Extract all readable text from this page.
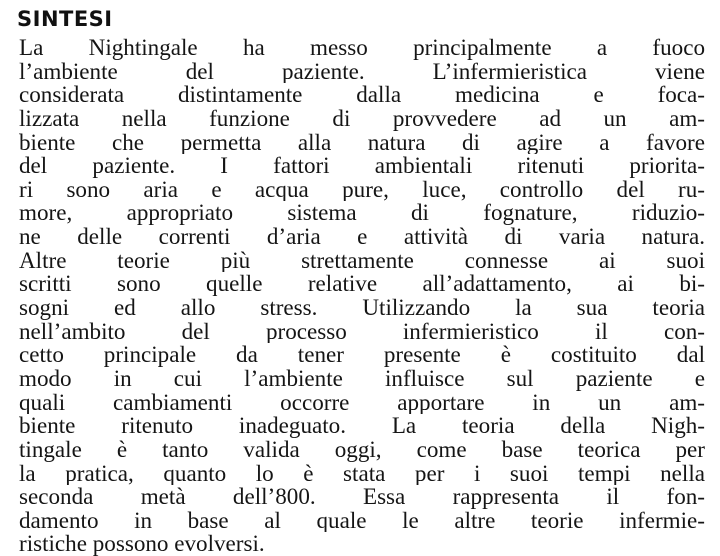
SINTESI
La Nightingale ha messo principalmente a fuoco
l’ambiente del paziente. L’infermieristica viene
considerata distintamente dalla medicina e foca-
lizzata nella funzione di provvedere ad un am-
biente che permetta alla natura di agire a favore
del paziente. I fattori ambientali ritenuti priorita-
ri sono aria e acqua pure, luce, controllo del ru-
more, appropriato sistema di fognature, riduzio-
ne delle correnti d’aria e attività di varia natura.
Altre teorie più strettamente connesse ai suoi
scritti sono quelle relative all’adattamento, ai bi-
sogni ed allo stress. Utilizzando la sua teoria
nell’ambito del processo infermieristico il con-
cetto principale da tener presente è costituito dal
modo in cui l’ambiente influisce sul paziente e
quali cambiamenti occorre apportare in un am-
biente ritenuto inadeguato. La teoria della Nigh-
tingale è tanto valida oggi, come base teorica per
la pratica, quanto lo è stata per i suoi tempi nella
seconda metà dell’800. Essa rappresenta il fon-
damento in base al quale le altre teorie infermie-
ristiche possono evolversi.
